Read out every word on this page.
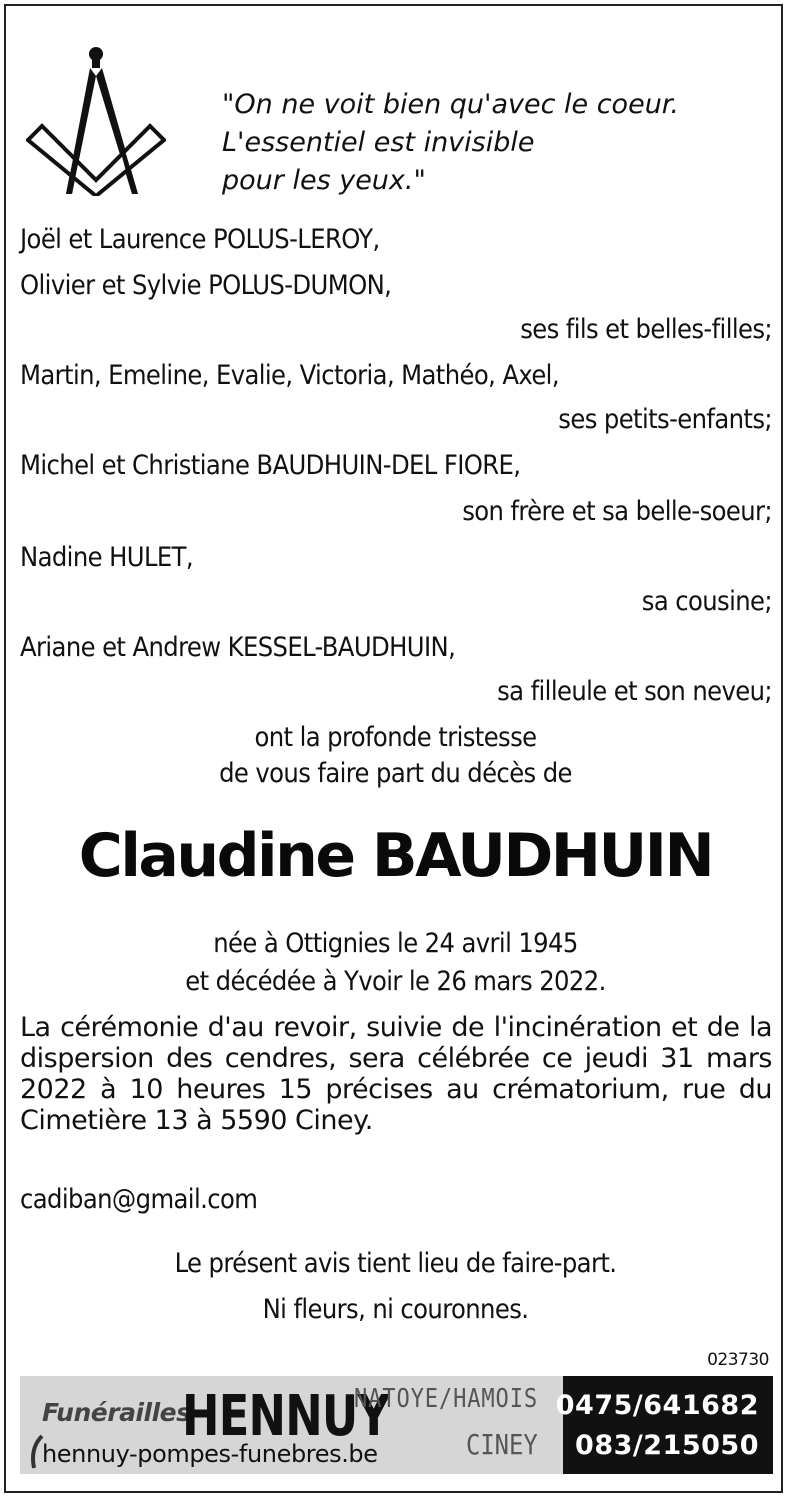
"On ne voit bien qu'avec le coeur.
L'essentiel est invisible
pour les yeux."
Joël et Laurence POLUS-LEROY,
Olivier et Sylvie POLUS-DUMON,
ses fils et belles-filles;
Martin, Emeline, Evalie, Victoria, Mathéo, Axel,
ses petits-enfants;
Michel et Christiane BAUDHUIN-DEL FIORE,
son frère et sa belle-soeur;
Nadine HULET,
sa cousine;
Ariane et Andrew KESSEL-BAUDHUIN,
sa filleule et son neveu;
ont la profonde tristesse
de vous faire part du décès de
Claudine BAUDHUIN
née à Ottignies le 24 avril 1945
et décédée à Yvoir le 26 mars 2022.
La cérémonie d'au revoir, suivie de l'incinération et de la dispersion des cendres, sera célébrée ce jeudi 31 mars 2022 à 10 heures 15 précises au crématorium, rue du Cimetière 13 à 5590 Ciney.
cadiban@gmail.com
Le présent avis tient lieu de faire-part.
Ni fleurs, ni couronnes.
023730
Funérailles
HENNUY
NATOYE/HAMOIS
CINEY
hennuy-pompes-funebres.be
0475/641682
083/215050
